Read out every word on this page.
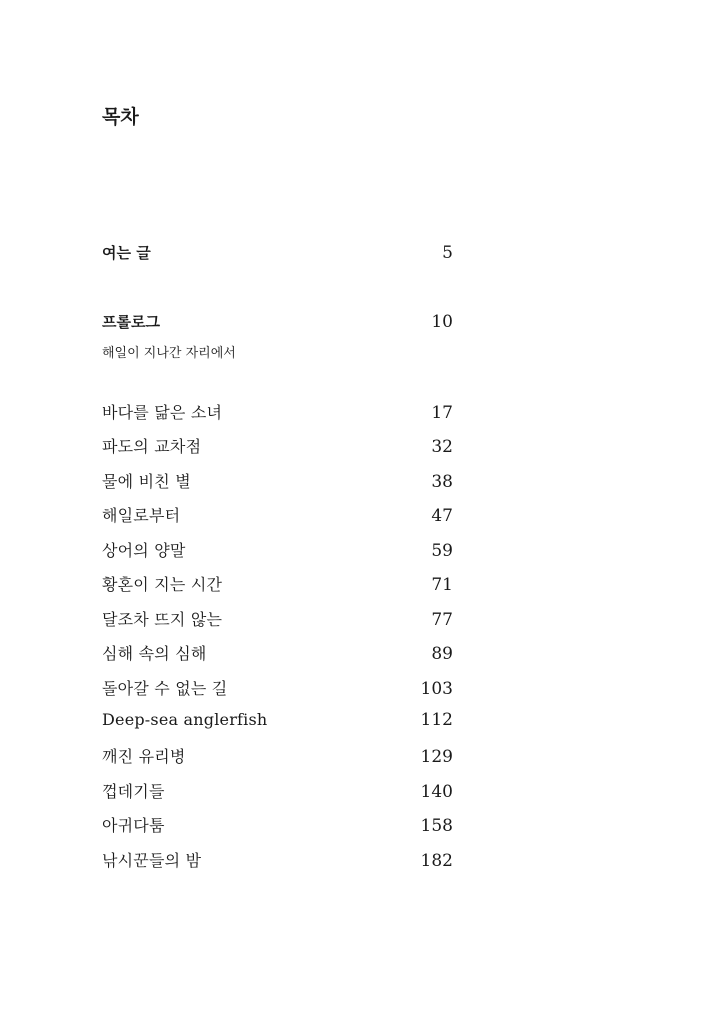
목차
여는 글	5
프롤로그	10
해일이 지나간 자리에서
바다를 닮은 소녀	17
파도의 교차점	32
물에 비친 별	38
해일로부터	47
상어의 양말	59
황혼이 지는 시간	71
달조차 뜨지 않는	77
심해 속의 심해	89
돌아갈 수 없는 길	103
Deep-sea anglerfish	112
깨진 유리병	129
껍데기들	140
아귀다툼	158
낚시꾼들의 밤	182
